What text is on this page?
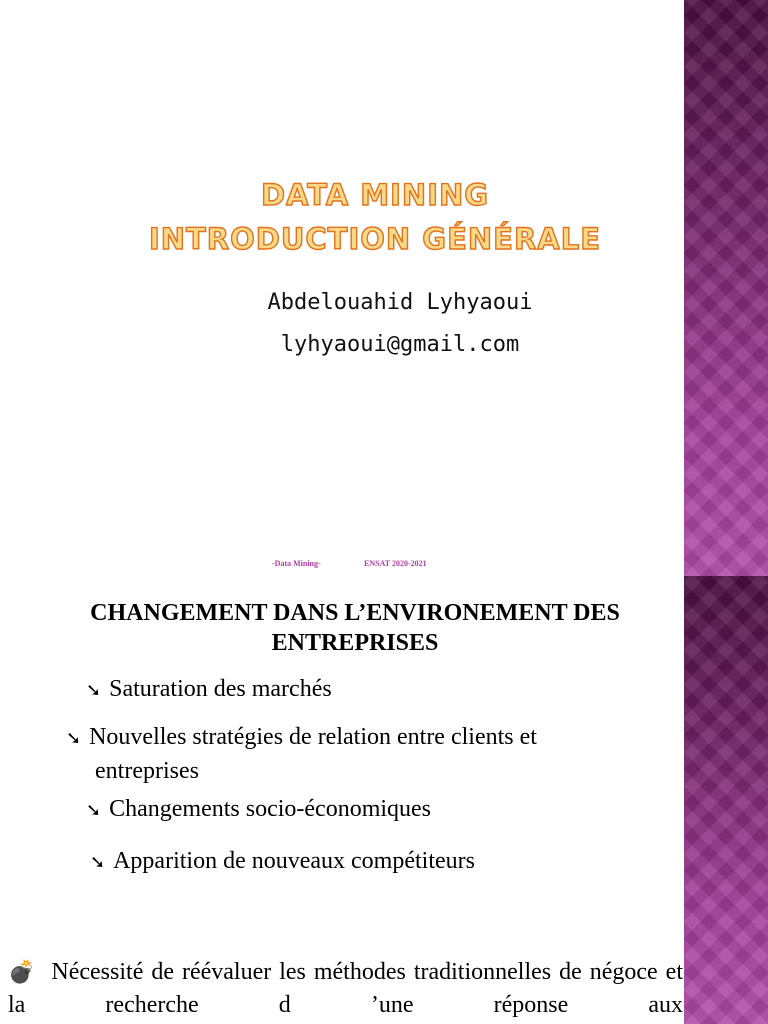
DATA MINING
INTRODUCTION GÉNÉRALE
Abdelouahid Lyhyaoui
lyhyaoui@gmail.com
-Data Mining-	ENSAT 2020-2021
CHANGEMENT DANS L’ENVIRONEMENT DES ENTREPRISES
➘ Saturation des marchés
➘ Nouvelles stratégies de relation entre clients et
entreprises
➘ Changements socio-économiques
➘ Apparition de nouveaux compétiteurs
💣 Nécessité de réévaluer les méthodes traditionnelles de négoce et la recherche d ’une réponse aux
